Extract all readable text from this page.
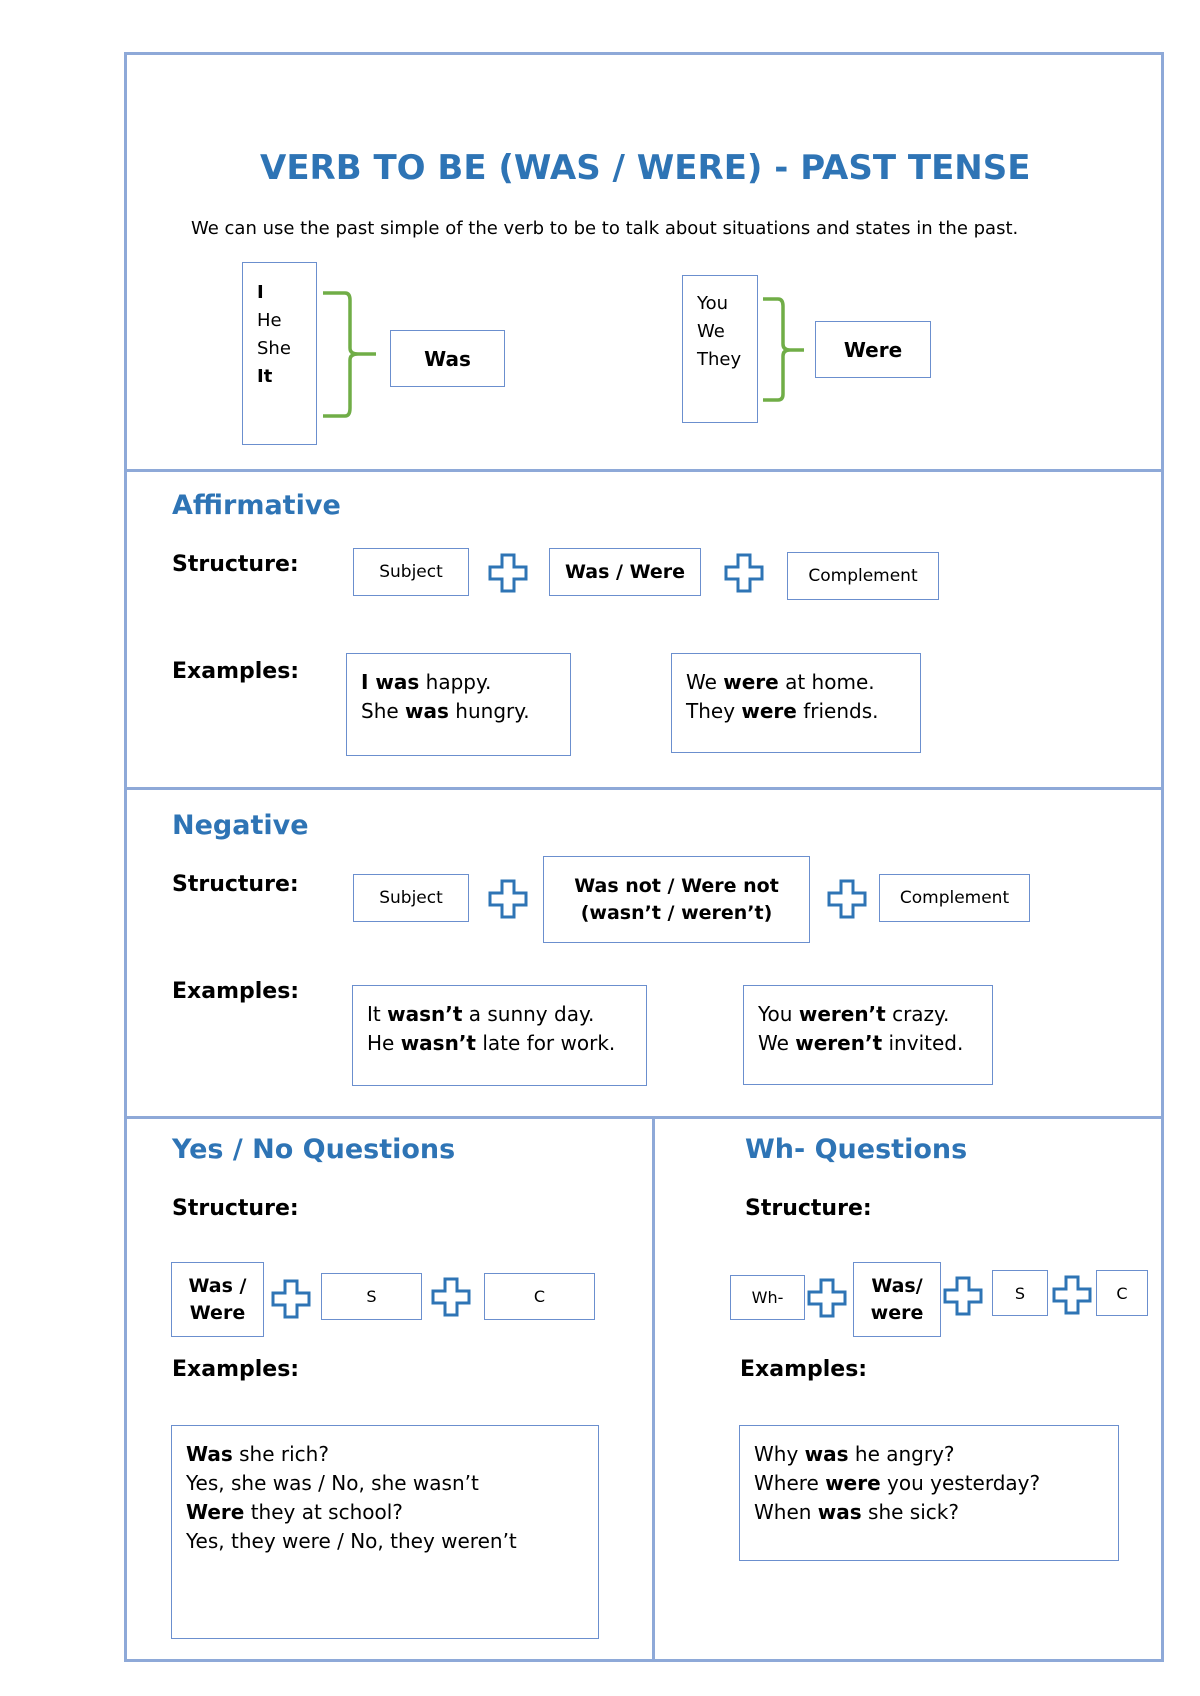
VERB TO BE (WAS / WERE) - PAST TENSE
We can use the past simple of the verb to be to talk about situations and states in the past.
I
He
She
It
Was
You
We
They	Were
Affirmative
Structure:	Subject	Was / Were	Complement
Examples:	I was happy.
She was hungry.
We were at home.
They were friends.
Negative
Structure:
Subject
Was not / Were not
(wasn’t / weren’t)
Complement
Examples:
It wasn’t a sunny day.
He wasn’t late for work.
You weren’t crazy.
We weren’t invited.
Yes / No Questions
Structure:
Was /
Were
S	C
Examples:
Was she rich?
Yes, she was / No, she wasn’t
Were they at school?
Yes, they were / No, they weren’t
Wh- Questions
Structure:
Wh-
Was/
were
S	C
Examples:
Why was he angry?
Where were you yesterday?
When was she sick?
